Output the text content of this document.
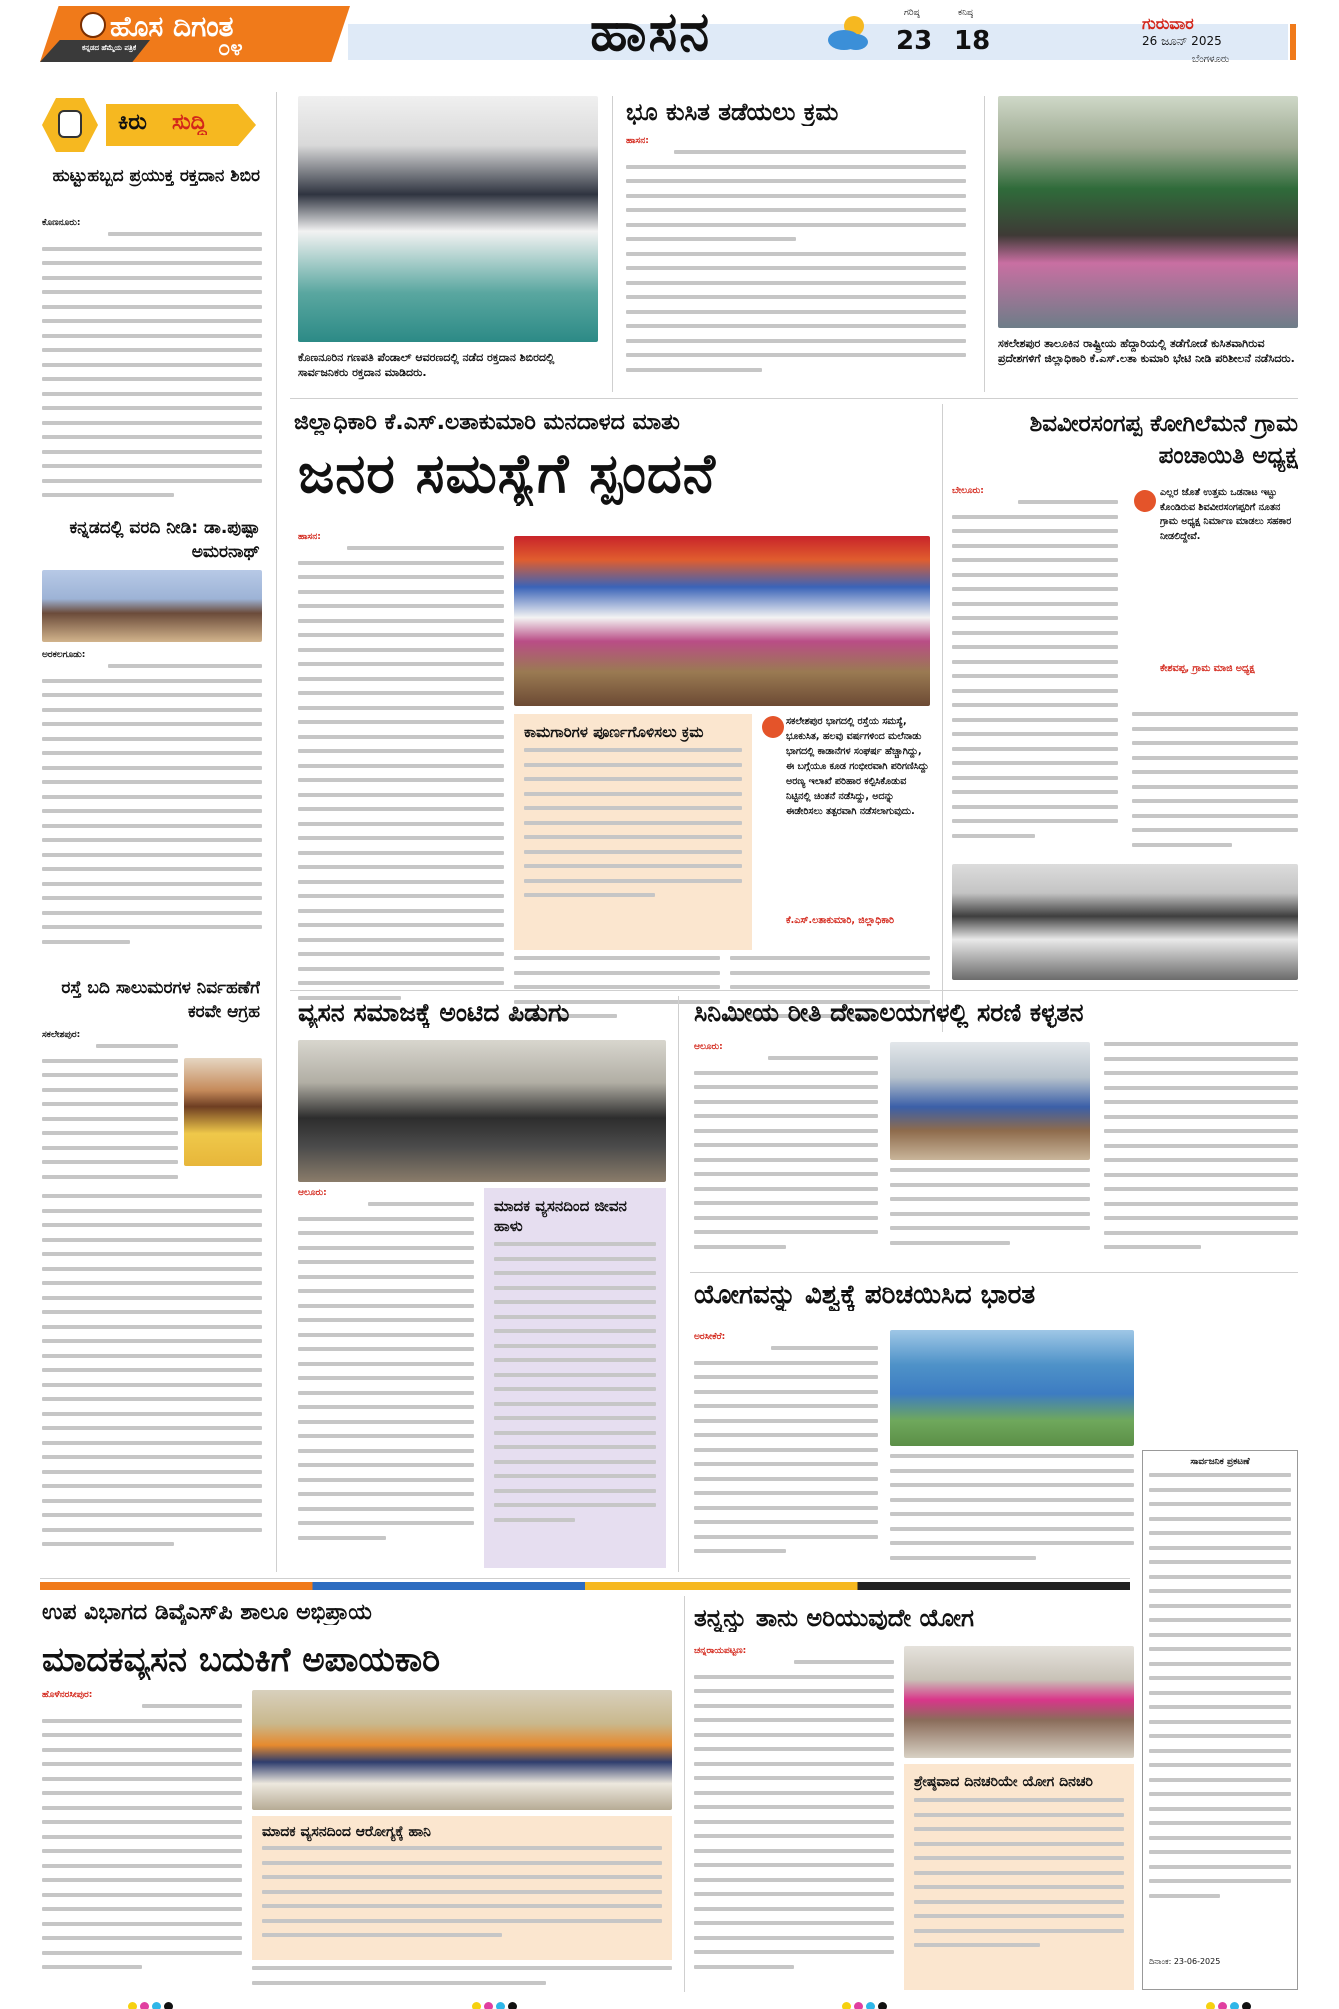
ಹೊಸ ದಿಗಂತ
ಕನ್ನಡದ ಹೆಮ್ಮೆಯ ಪತ್ರಿಕೆ	೦೪	ಹಾಸನ	ಗರಿಷ್ಠ
23
ಕನಿಷ್ಠ
18
ಗುರುವಾರ
26 ಜೂನ್ 2025
ಬೆಂಗಳೂರು
ಕಿರು ಸುದ್ದಿ
ಹುಟ್ಟುಹಬ್ಬದ ಪ್ರಯುಕ್ತ ರಕ್ತದಾನ ಶಿಬಿರ
ಕೊಣನೂರು:
ಕನ್ನಡದಲ್ಲಿ ವರದಿ ನೀಡಿ: ಡಾ.ಪುಷ್ಪಾ ಅಮರನಾಥ್
ಅರಕಲಗೂಡು:
ರಸ್ತೆ ಬದಿ ಸಾಲುಮರಗಳ ನಿರ್ವಹಣೆಗೆ ಕರವೇ ಆಗ್ರಹ
ಸಕಲೇಶಪುರ:
ಕೊಣನೂರಿನ ಗಣಪತಿ ಪೆಂಡಾಲ್ ಆವರಣದಲ್ಲಿ ನಡೆದ ರಕ್ತದಾನ ಶಿಬಿರದಲ್ಲಿ ಸಾರ್ವಜನಿಕರು ರಕ್ತದಾನ ಮಾಡಿದರು.
ಭೂ ಕುಸಿತ ತಡೆಯಲು ಕ್ರಮ
ಹಾಸನ:
ಸಕಲೇಶಪುರ ತಾಲೂಕಿನ ರಾಷ್ಟ್ರೀಯ ಹೆದ್ದಾರಿಯಲ್ಲಿ ತಡೆಗೋಡೆ ಕುಸಿತವಾಗಿರುವ ಪ್ರದೇಶಗಳಿಗೆ ಜಿಲ್ಲಾಧಿಕಾರಿ ಕೆ.ಎಸ್.ಲತಾ ಕುಮಾರಿ ಭೇಟಿ ನೀಡಿ ಪರಿಶೀಲನೆ ನಡೆಸಿದರು.
ಜಿಲ್ಲಾಧಿಕಾರಿ ಕೆ.ಎಸ್.ಲತಾಕುಮಾರಿ ಮನದಾಳದ ಮಾತು
ಜನರ ಸಮಸ್ಯೆಗೆ ಸ್ಪಂದನೆ
ಹಾಸನ:
ಕಾಮಗಾರಿಗಳ ಪೂರ್ಣಗೊಳಿಸಲು ಕ್ರಮ
ಸಕಲೇಶಪುರ ಭಾಗದಲ್ಲಿ ರಸ್ತೆಯ ಸಮಸ್ಯೆ, ಭೂಕುಸಿತ, ಹಲವು ವರ್ಷಗಳಿಂದ ಮಲೆನಾಡು ಭಾಗದಲ್ಲಿ ಕಾಡಾನೆಗಳ ಸಂಘರ್ಷ ಹೆಚ್ಚಾಗಿದ್ದು, ಈ ಬಗ್ಗೆಯೂ ಕೂಡ ಗಂಭೀರವಾಗಿ ಪರಿಗಣಿಸಿದ್ದು ಅರಣ್ಯ ಇಲಾಖೆ ಪರಿಹಾರ ಕಲ್ಪಿಸಿಕೊಡುವ ನಿಟ್ಟಿನಲ್ಲಿ ಚಿಂತನೆ ನಡೆಸಿದ್ದು, ಅದನ್ನು ಈಡೇರಿಸಲು ತತ್ಪರವಾಗಿ ನಡೆಸಲಾಗುವುದು.
ಕೆ.ಎಸ್.ಲತಾಕುಮಾರಿ, ಜಿಲ್ಲಾಧಿಕಾರಿ
ಶಿವವೀರಸಂಗಪ್ಪ ಕೋಗಿಲೆಮನೆ ಗ್ರಾಮ ಪಂಚಾಯಿತಿ ಅಧ್ಯಕ್ಷ
ಬೇಲೂರು:	ಎಲ್ಲರ ಜೊತೆ ಉತ್ತಮ ಒಡನಾಟ ಇಟ್ಟು ಕೊಂಡಿರುವ ಶಿವವೀರಸಂಗಪ್ಪರಿಗೆ ನೂತನ ಗ್ರಾಮ ಅಧ್ಯಕ್ಷ ನಿರ್ಮಾಣ ಮಾಡಲು ಸಹಕಾರ ನೀಡಲಿದ್ದೇವೆ.
ಕೇಶವಪ್ಪ, ಗ್ರಾಮ ಮಾಜಿ ಅಧ್ಯಕ್ಷ
ವ್ಯಸನ ಸಮಾಜಕ್ಕೆ ಅಂಟಿದ ಪಿಡುಗು
ಆಲೂರು:
ಮಾದಕ ವ್ಯಸನದಿಂದ ಜೀವನ ಹಾಳು
ಸಿನಿಮೀಯ ರೀತಿ ದೇವಾಲಯಗಳಲ್ಲಿ ಸರಣಿ ಕಳ್ಳತನ
ಆಲೂರು:
ಯೋಗವನ್ನು ವಿಶ್ವಕ್ಕೆ ಪರಿಚಯಿಸಿದ ಭಾರತ
ಅರಸೀಕೆರೆ:
ಸಾರ್ವಜನಿಕ ಪ್ರಕಟಣೆ
ದಿನಾಂಕ: 23-06-2025
ಉಪ ವಿಭಾಗದ ಡಿವೈಎಸ್‌ಪಿ ಶಾಲೂ ಅಭಿಪ್ರಾಯ
ಮಾದಕವ್ಯಸನ ಬದುಕಿಗೆ ಅಪಾಯಕಾರಿ
ಹೊಳೆನರಸೀಪುರ:
ಮಾದಕ ವ್ಯಸನದಿಂದ ಆರೋಗ್ಯಕ್ಕೆ ಹಾನಿ
ತನ್ನನ್ನು ತಾನು ಅರಿಯುವುದೇ ಯೋಗ
ಚನ್ನರಾಯಪಟ್ಟಣ:
ಶ್ರೇಷ್ಠವಾದ ದಿನಚರಿಯೇ ಯೋಗ ದಿನಚರಿ
